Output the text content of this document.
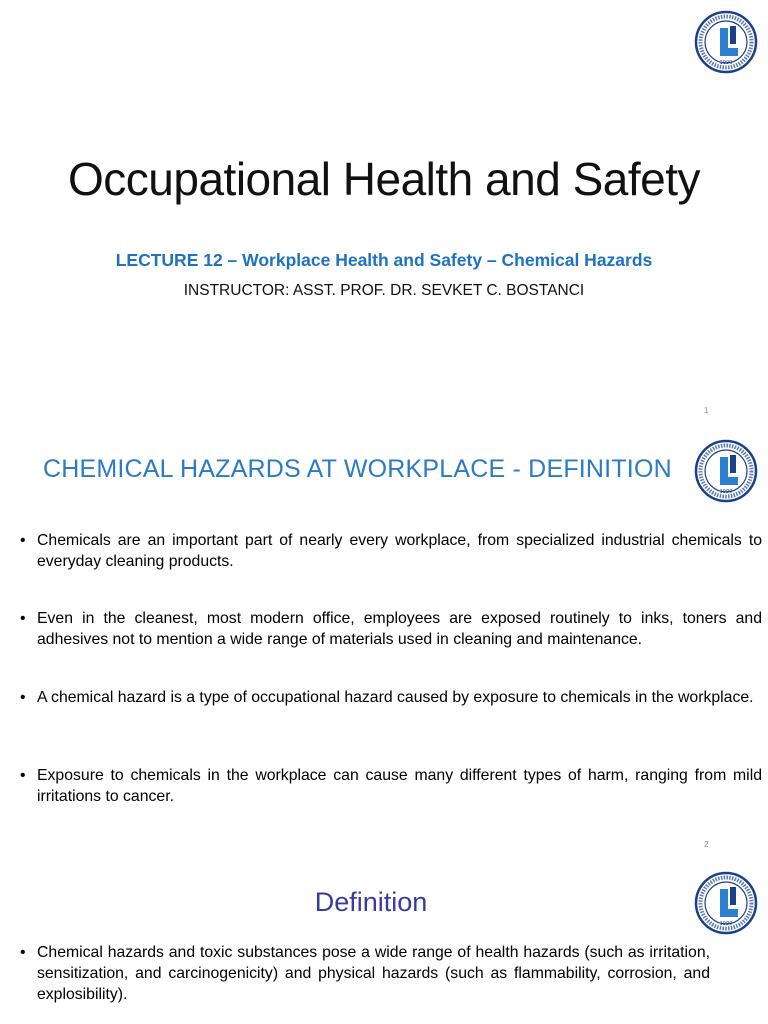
1990
Occupational Health and Safety
LECTURE 12 – Workplace Health and Safety – Chemical Hazards
INSTRUCTOR: ASST. PROF. DR. SEVKET C. BOSTANCI
1
1990
CHEMICAL HAZARDS AT WORKPLACE - DEFINITION
• Chemicals are an important part of nearly every workplace, from specialized industrial chemicals to everyday cleaning products.
• Even in the cleanest, most modern office, employees are exposed routinely to inks, toners and adhesives not to mention a wide range of materials used in cleaning and maintenance.
• A chemical hazard is a type of occupational hazard caused by exposure to chemicals in the workplace.
• Exposure to chemicals in the workplace can cause many different types of harm, ranging from mild irritations to cancer.
2
1990
Definition
• Chemical hazards and toxic substances pose a wide range of health hazards (such as irritation, sensitization, and carcinogenicity) and physical hazards (such as flammability, corrosion, and explosibility).
